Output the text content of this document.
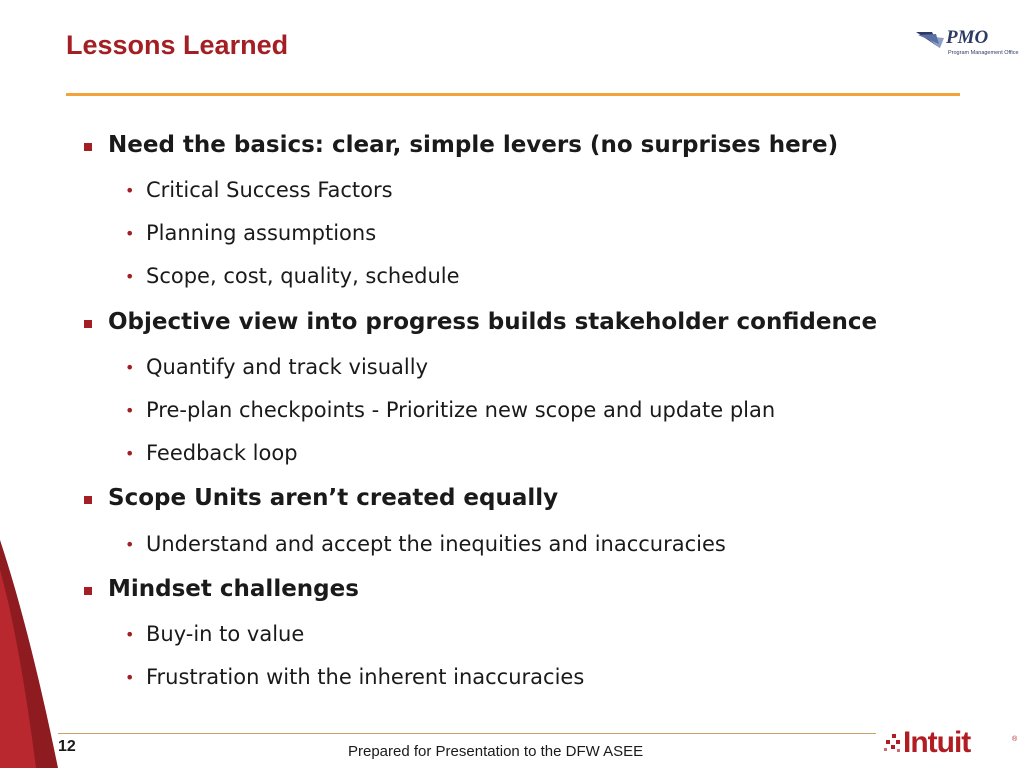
Lessons Learned	PMO
Program Management Office
Need the basics: clear, simple levers (no surprises here)
• Critical Success Factors
• Planning assumptions
• Scope, cost, quality, schedule
Objective view into progress builds stakeholder confidence
• Quantify and track visually
• Pre-plan checkpoints - Prioritize new scope and update plan
• Feedback loop
Scope Units aren’t created equally
• Understand and accept the inequities and inaccuracies
Mindset challenges
• Buy-in to value
• Frustration with the inherent inaccuracies
12	Prepared for Presentation to the DFW ASEE	Intuit	®
